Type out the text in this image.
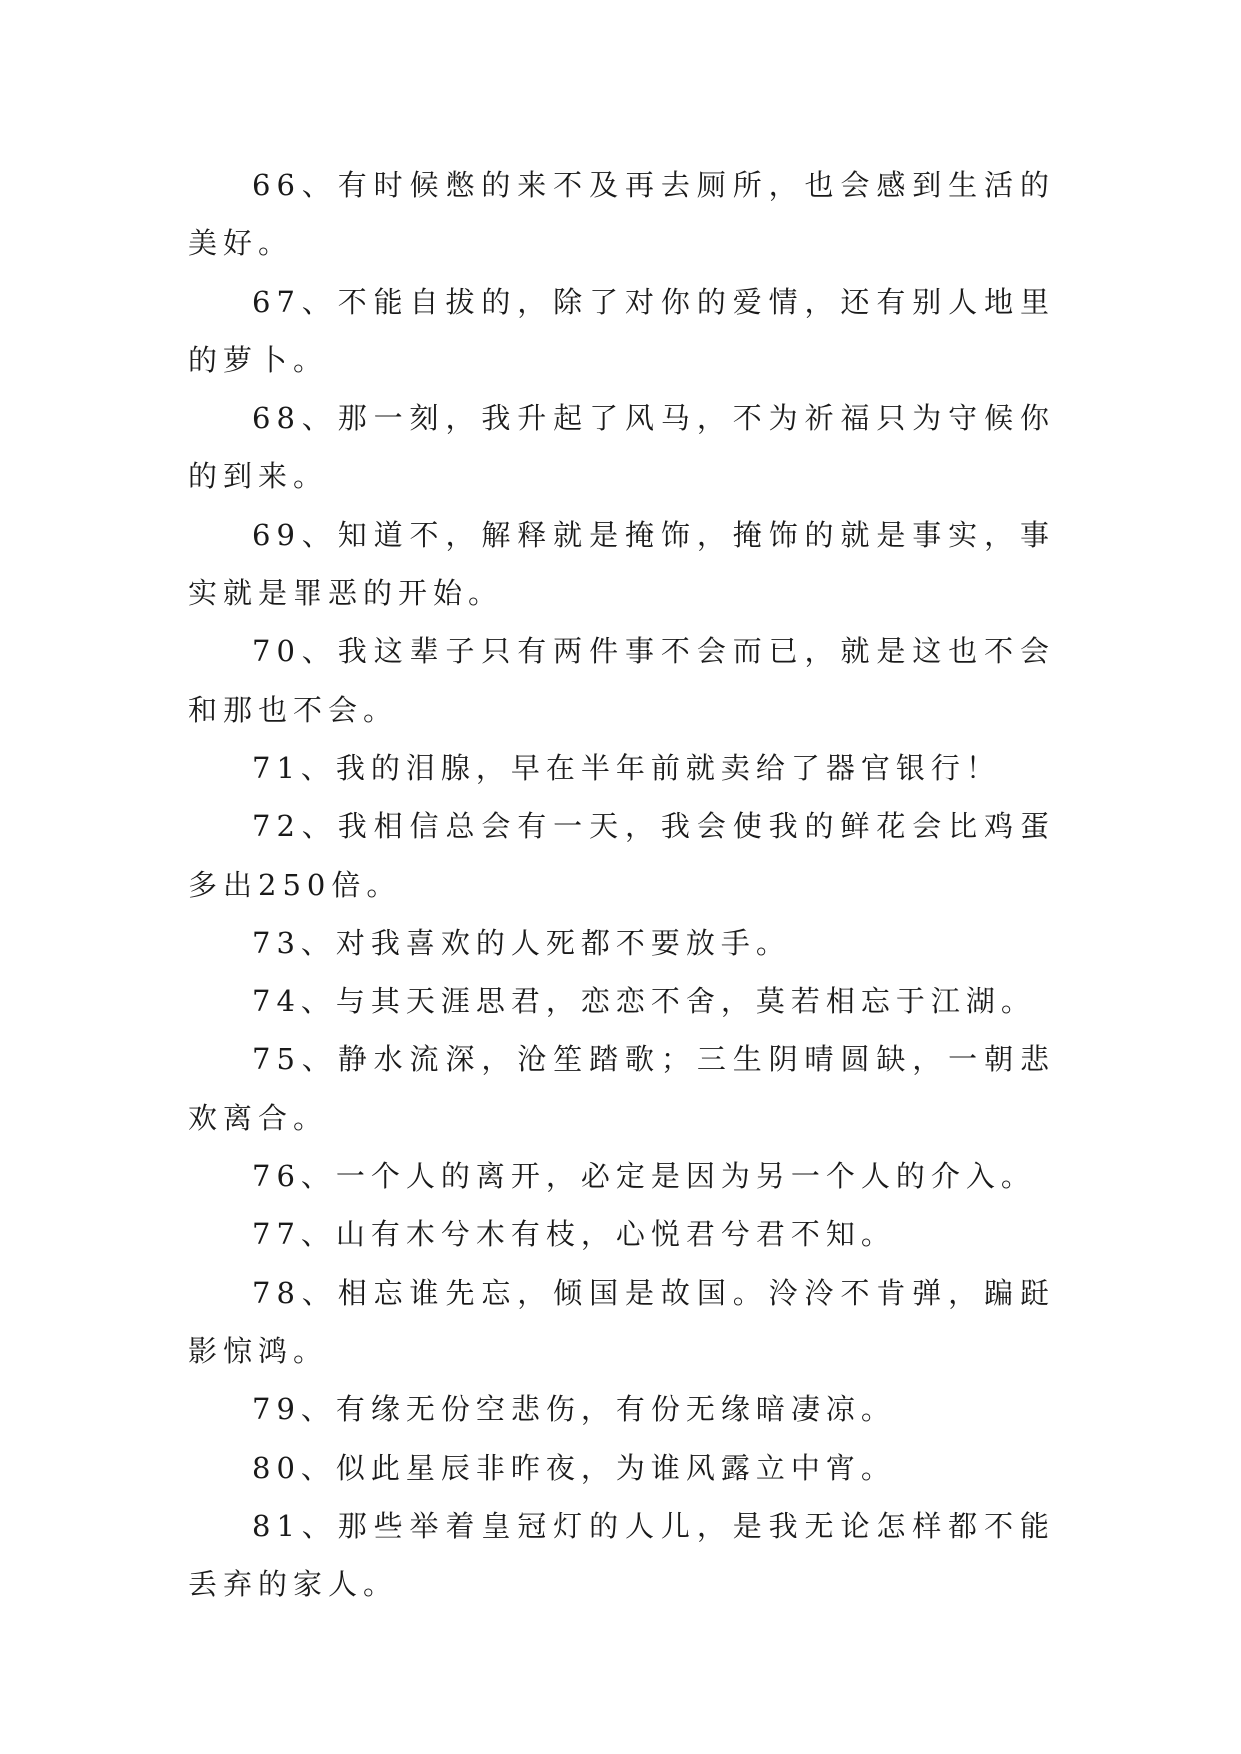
66、有时候憋的来不及再去厕所，也会感到生活的美好。

67、不能自拔的，除了对你的爱情，还有别人地里的萝卜。

68、那一刻，我升起了风马，不为祈福只为守候你的到来。

69、知道不，解释就是掩饰，掩饰的就是事实，事实就是罪恶的开始。

70、我这辈子只有两件事不会而已，就是这也不会和那也不会。

71、我的泪腺，早在半年前就卖给了器官银行！

72、我相信总会有一天，我会使我的鲜花会比鸡蛋多出250倍。

73、对我喜欢的人死都不要放手。

74、与其天涯思君，恋恋不舍，莫若相忘于江湖。

75、静水流深，沧笙踏歌；三生阴晴圆缺，一朝悲欢离合。

76、一个人的离开，必定是因为另一个人的介入。

77、山有木兮木有枝，心悦君兮君不知。

78、相忘谁先忘，倾国是故国。泠泠不肯弹，蹁跹影惊鸿。

79、有缘无份空悲伤，有份无缘暗凄凉。

80、似此星辰非昨夜，为谁风露立中宵。

81、那些举着皇冠灯的人儿，是我无论怎样都不能丢弃的家人。
